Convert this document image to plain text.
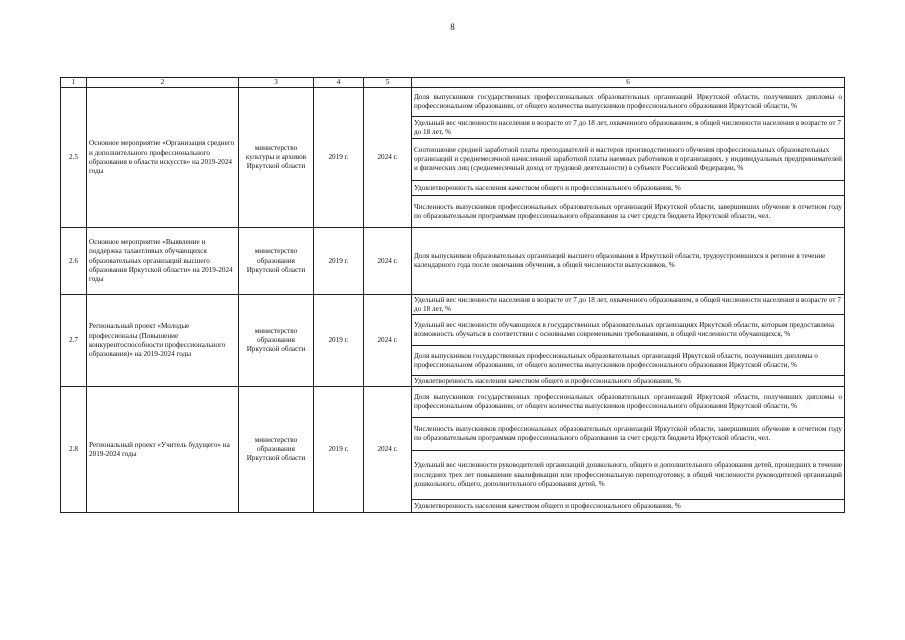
8
1	2	3	4	5	6
2.5	Основное мероприятие «Организация среднего и дополнительного профессионального образования в области искусств» на 2019-2024 годы	министерство культуры и архивов Иркутской области	2019 г.	2024 г.	Доля выпускников государственных профессиональных образовательных организаций Иркутской области, получивших дипломы о профессиональном образовании, от общего количества выпускников профессионального образования Иркутской области, %
					Удельный вес численности населения в возрасте от 7 до 18 лет, охваченного образованием, в общей численности населения в возрасте от 7 до 18 лет, %
					Соотношение средней заработной платы преподавателей и мастеров производственного обучения профессиональных образовательных организаций и среднемесячной начисленной заработной платы наемных работников в организациях, у индивидуальных предпринимателей и физических лиц (среднемесячный доход от трудовой деятельности) в субъекте Российской Федерации, %
					Удовлетворенность населения качеством общего и профессионального образования, %
					Численность выпускников профессиональных образовательных организаций Иркутской области, завершивших обучение в отчетном году по образовательным программам профессионального образования за счет средств бюджета Иркутской области, чел.
2.6	Основное мероприятие «Выявление и поддержка талантливых обучающихся образовательных организаций высшего образования Иркутской области» на 2019-2024 годы	министерство образования Иркутской области	2019 г.	2024 г.	Доля выпускников образовательных организаций высшего образования в Иркутской области, трудоустроившихся в регионе в течение календарного года после окончания обучения, в общей численности выпускников, %
2.7	Региональный проект «Молодые профессионалы (Повышение конкурентоспособности профессионального образования)» на 2019-2024 годы	министерство образования Иркутской области	2019 г.	2024 г.	Удельный вес численности населения в возрасте от 7 до 18 лет, охваченного образованием, в общей численности населения в возрасте от 7 до 18 лет, %
					Удельный вес численности обучающихся в государственных образовательных организациях Иркутской области, которым предоставлена возможность обучаться в соответствии с основными современными требованиями, в общей численности обучающихся, %
					Доля выпускников государственных профессиональных образовательных организаций Иркутской области, получивших дипломы о профессиональном образовании, от общего количества выпускников профессионального образования Иркутской области, %
					Удовлетворенность населения качеством общего и профессионального образования, %
2.8	Региональный проект «Учитель будущего» на 2019-2024 годы	министерство образования Иркутской области	2019 г.	2024 г.	Доля выпускников государственных профессиональных образовательных организаций Иркутской области, получивших дипломы о профессиональном образовании, от общего количества выпускников профессионального образования Иркутской области, %
					Численность выпускников профессиональных образовательных организаций Иркутской области, завершивших обучение в отчетном году по образовательным программам профессионального образования за счет средств бюджета Иркутской области, чел.
					Удельный вес численности руководителей организаций дошкольного, общего и дополнительного образования детей, прошедших в течение последних трех лет повышение квалификации или профессиональную переподготовку, в общей численности руководителей организаций дошкольного, общего, дополнительного образования детей, %
					Удовлетворенность населения качеством общего и профессионального образования, %
